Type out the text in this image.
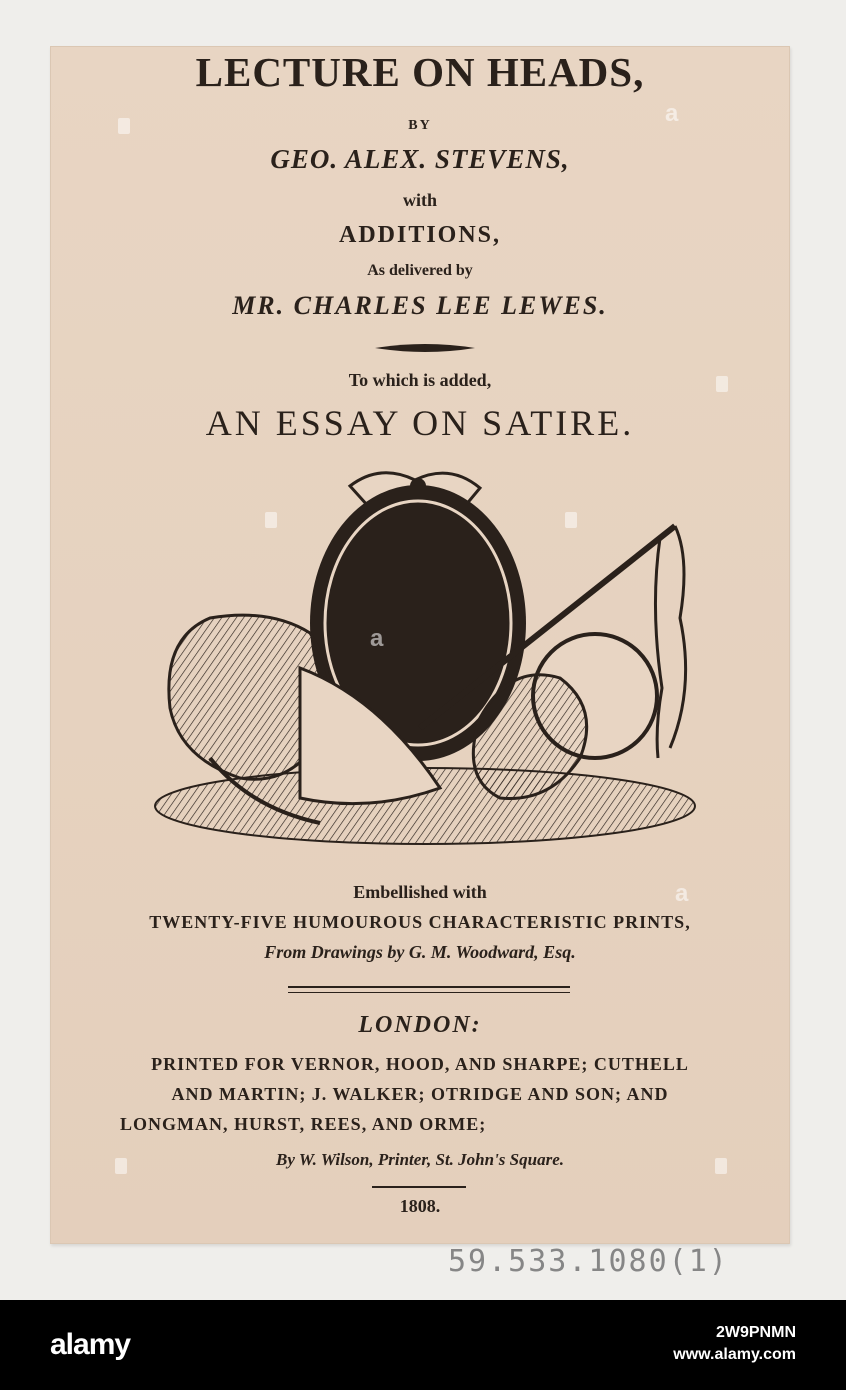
LECTURE ON HEADS,
BY
GEO. ALEX. STEVENS,
with
ADDITIONS,
As delivered by
MR. CHARLES LEE LEWES.
To which is added,
AN ESSAY ON SATIRE.
Embellished with
TWENTY-FIVE HUMOUROUS CHARACTERISTIC PRINTS,
From Drawings by G. M. Woodward, Esq.
LONDON:
PRINTED FOR VERNOR, HOOD, AND SHARPE; CUTHELL
AND MARTIN; J. WALKER; OTRIDGE AND SON; AND
LONGMAN, HURST, REES, AND ORME;
By W. Wilson, Printer, St. John's Square.
1808.
59.533.1080(1)
a
a
a
alamy	2W9PNMN
www.alamy.com
